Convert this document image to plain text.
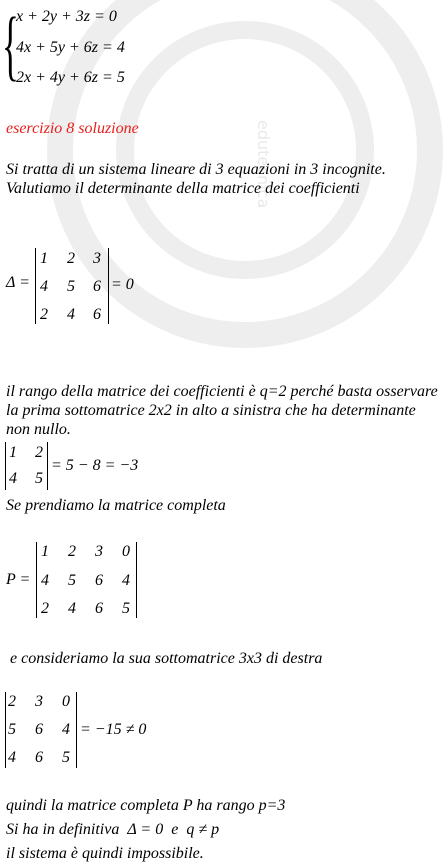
edutecnica
{
x + 2y + 3z = 0
4x + 5y + 6z = 4
2x + 4y + 6z = 5
esercizio 8 soluzione
Si tratta di un sistema lineare di 3 equazioni in 3 incognite. Valutiamo il determinante della matrice dei coefficienti
Δ =
1	2	3
4	5	6
2	4	6
= 0
il rango della matrice dei coefficienti è q=2 perché basta osservare la prima sottomatrice 2x2 in alto a sinistra che ha determinante non nullo.
1	2
4	5
= 5 − 8 = −3
Se prendiamo la matrice completa
P =
1	2	3	0
4	5	6	4
2	4	6	5
e consideriamo la sua sottomatrice 3x3 di destra
2	3	0
5	6	4
4	6	5
= −15 ≠ 0
quindi la matrice completa P ha rango p=3
Si ha in definitiva  Δ = 0  e  q ≠ p
il sistema è quindi impossibile.
